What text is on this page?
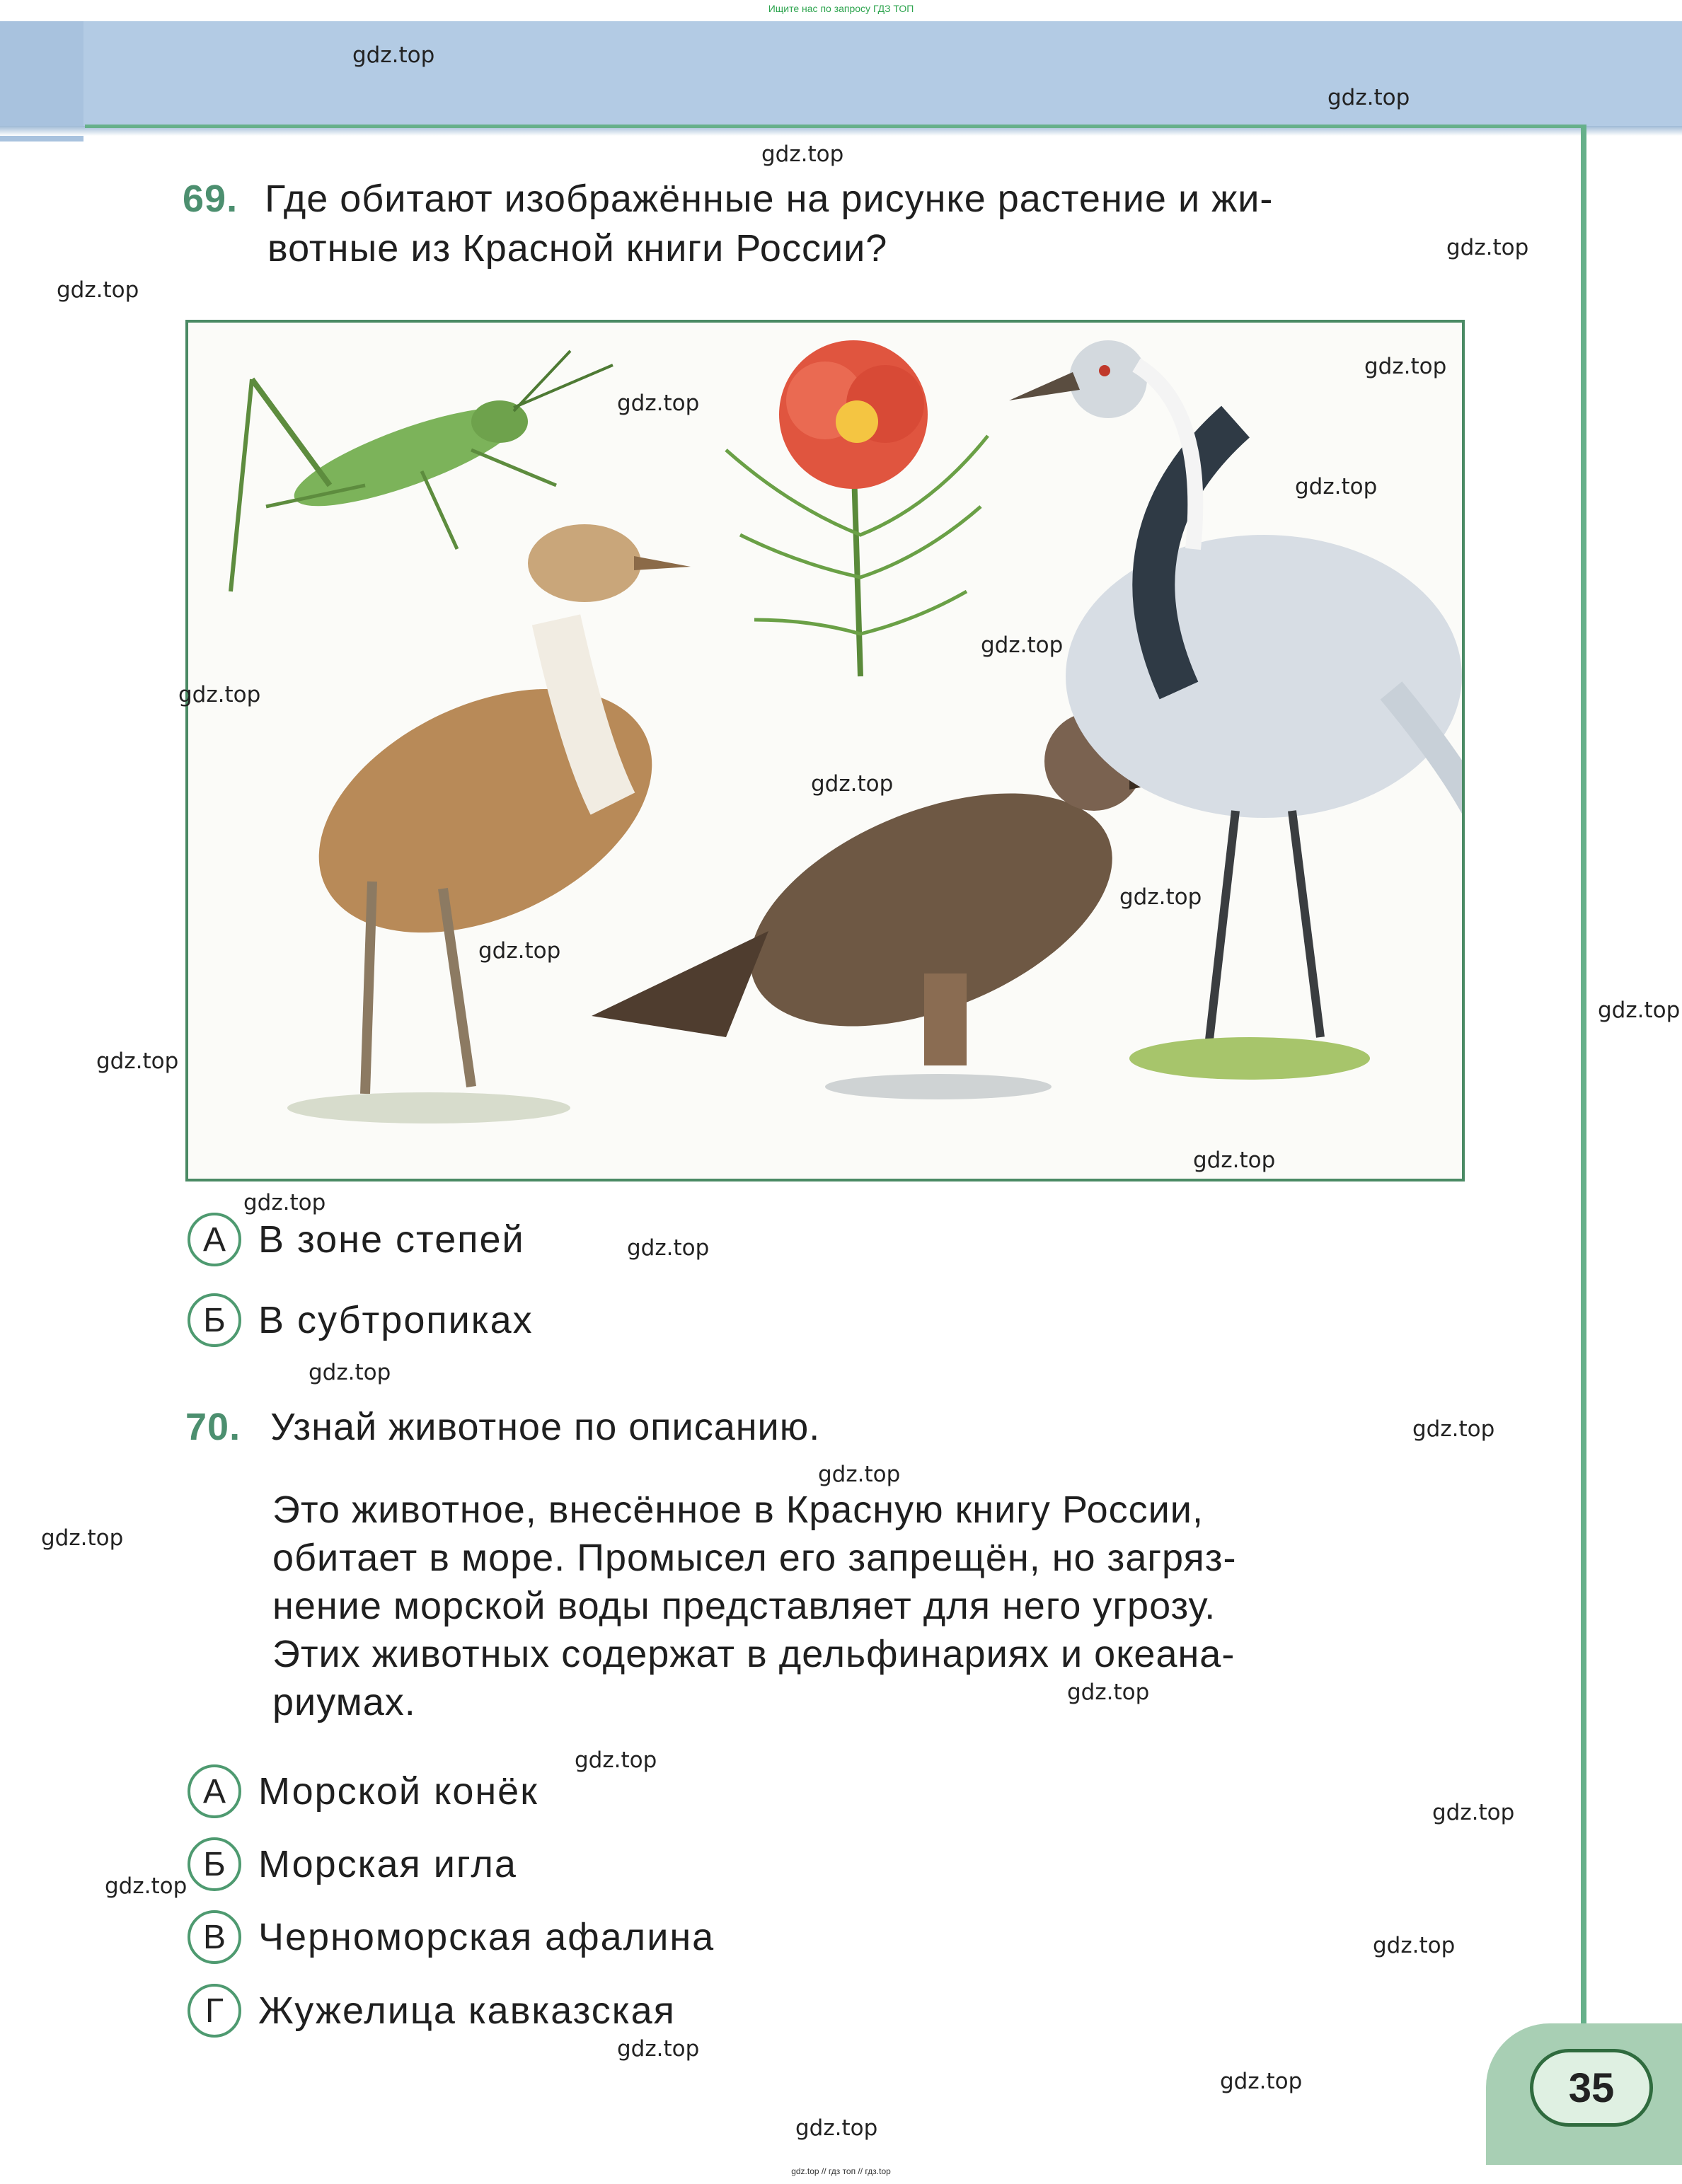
Ищите нас по запросу ГДЗ ТОП
69. Где обитают изображённые на рисунке растение и жи-
вотные из Красной книги России?
А В зоне степей
Б В субтропиках
70. Узнай животное по описанию.
Это животное, внесённое в Красную книгу России,
обитает в море. Промысел его запрещён, но загряз-
нение морской воды представляет для него угрозу.
Этих животных содержат в дельфинариях и океана-
риумах.
А Морской конёк
Б Морская игла
В Черноморская афалина
Г Жужелица кавказская
35
gdz.top
gdz.top
gdz.top
gdz.top
gdz.top
gdz.top
gdz.top
gdz.top
gdz.top
gdz.top
gdz.top
gdz.top
gdz.top
gdz.top
gdz.top
gdz.top
gdz.top
gdz.top
gdz.top
gdz.top
gdz.top
gdz.top
gdz.top
gdz.top
gdz.top
gdz.top
gdz.top
gdz.top
gdz.top
gdz.top
gdz.top // гдз топ // гдз.top
